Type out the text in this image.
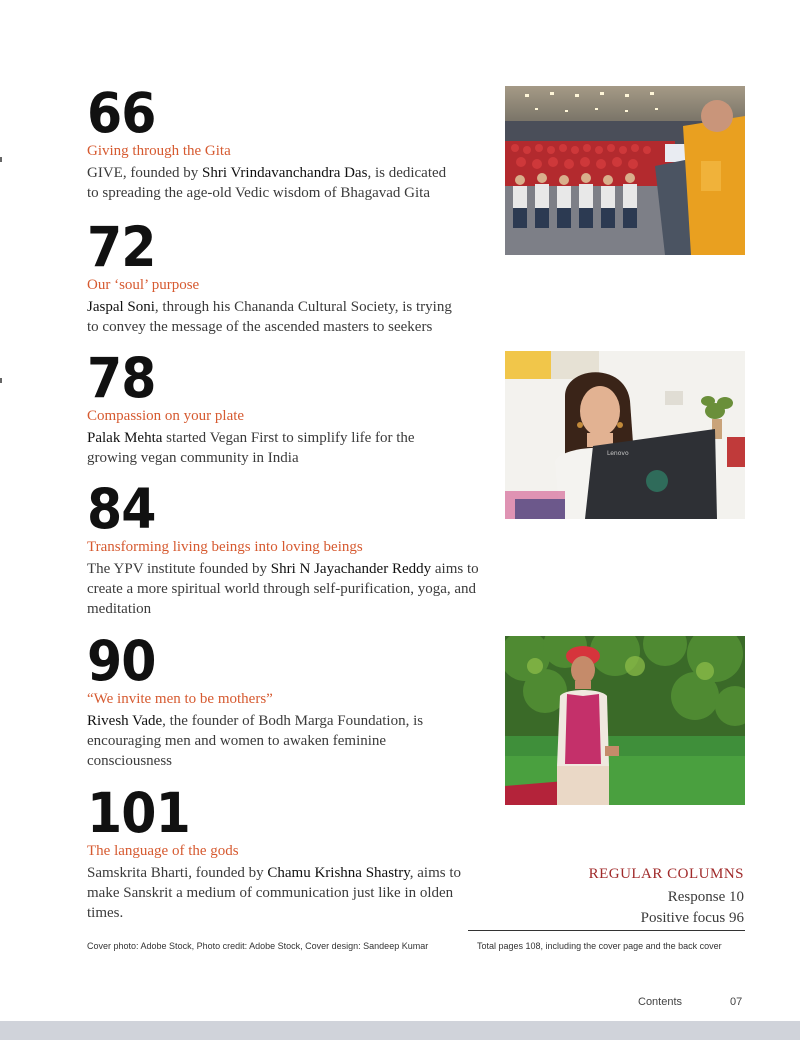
66
Giving through the Gita

GIVE, founded by Shri Vrindavanchandra Das, is dedicated to spreading the age-old Vedic wisdom of Bhagavad Gita

72
Our ‘soul’ purpose

Jaspal Soni, through his Chananda Cultural Society, is trying to convey the message of the ascended masters to seekers

78
Compassion on your plate

Palak Mehta started Vegan First to simplify life for the growing vegan community in India

84
Transforming living beings into loving beings

The YPV institute founded by Shri N Jayachander Reddy aims to create a more spiritual world through self-purification, yoga, and meditation

90
“We invite men to be mothers”

Rivesh Vade, the founder of Bodh Marga Foundation, is encouraging men and women to awaken feminine consciousness

101
The language of the gods

Samskrita Bharti, founded by Chamu Krishna Shastry, aims to make Sanskrit a medium of communication just like in olden times.

Lenovo
REGULAR COLUMNS
Response 10
Positive focus 96
Cover photo: Adobe Stock, Photo credit: Adobe Stock, Cover design: Sandeep Kumar	Total pages 108, including the cover page and the back cover
Contents	07
